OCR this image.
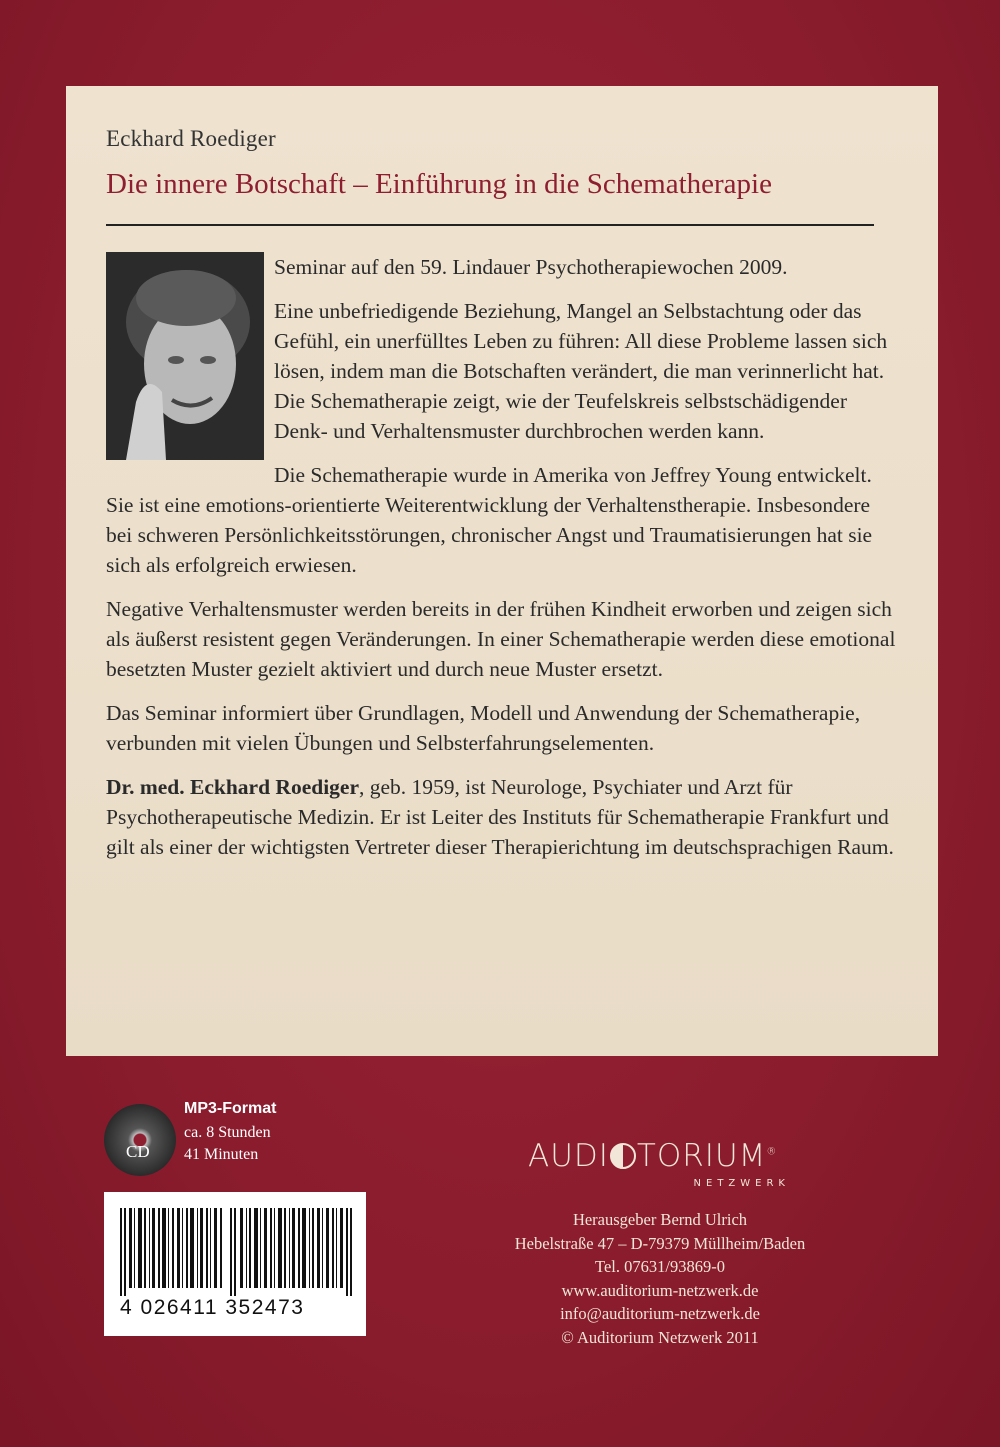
Eckhard Roediger
Die innere Botschaft – Einführung in die Schematherapie

Seminar auf den 59. Lindauer Psychotherapiewochen 2009.

Eine unbefriedigende Beziehung, Mangel an Selbstachtung oder das Gefühl, ein unerfülltes Leben zu führen: All diese Probleme lassen sich lösen, indem man die Botschaften verändert, die man verinnerlicht hat. Die Schematherapie zeigt, wie der Teufelskreis selbstschädigender Denk- und Verhaltensmuster durchbrochen werden kann.

Die Schematherapie wurde in Amerika von Jeffrey Young entwickelt. Sie ist eine emotions-orientierte Weiterentwicklung der Verhaltenstherapie. Insbesondere bei schweren Persönlichkeitsstörungen, chronischer Angst und Traumatisierungen hat sie sich als erfolgreich erwiesen.

Negative Verhaltensmuster werden bereits in der frühen Kindheit erworben und zeigen sich als äußerst resistent gegen Veränderungen. In einer Schematherapie werden diese emotional besetzten Muster gezielt aktiviert und durch neue Muster ersetzt.

Das Seminar informiert über Grundlagen, Modell und Anwendung der Schematherapie, verbunden mit vielen Übungen und Selbsterfahrungselementen.

Dr. med. Eckhard Roediger, geb. 1959, ist Neurologe, Psychiater und Arzt für Psychotherapeutische Medizin. Er ist Leiter des Instituts für Schematherapie Frankfurt und gilt als einer der wichtigsten Vertreter dieser Therapierichtung im deutschsprachigen Raum.

CD
MP3-Format
ca. 8 Stunden
41 Minuten
4 026411 352473
AUDI TORIUM®
NETZWERK
Herausgeber Bernd Ulrich
Hebelstraße 47 – D-79379 Müllheim/Baden
Tel. 07631/93869-0
www.auditorium-netzwerk.de
info@auditorium-netzwerk.de
© Auditorium Netzwerk 2011
